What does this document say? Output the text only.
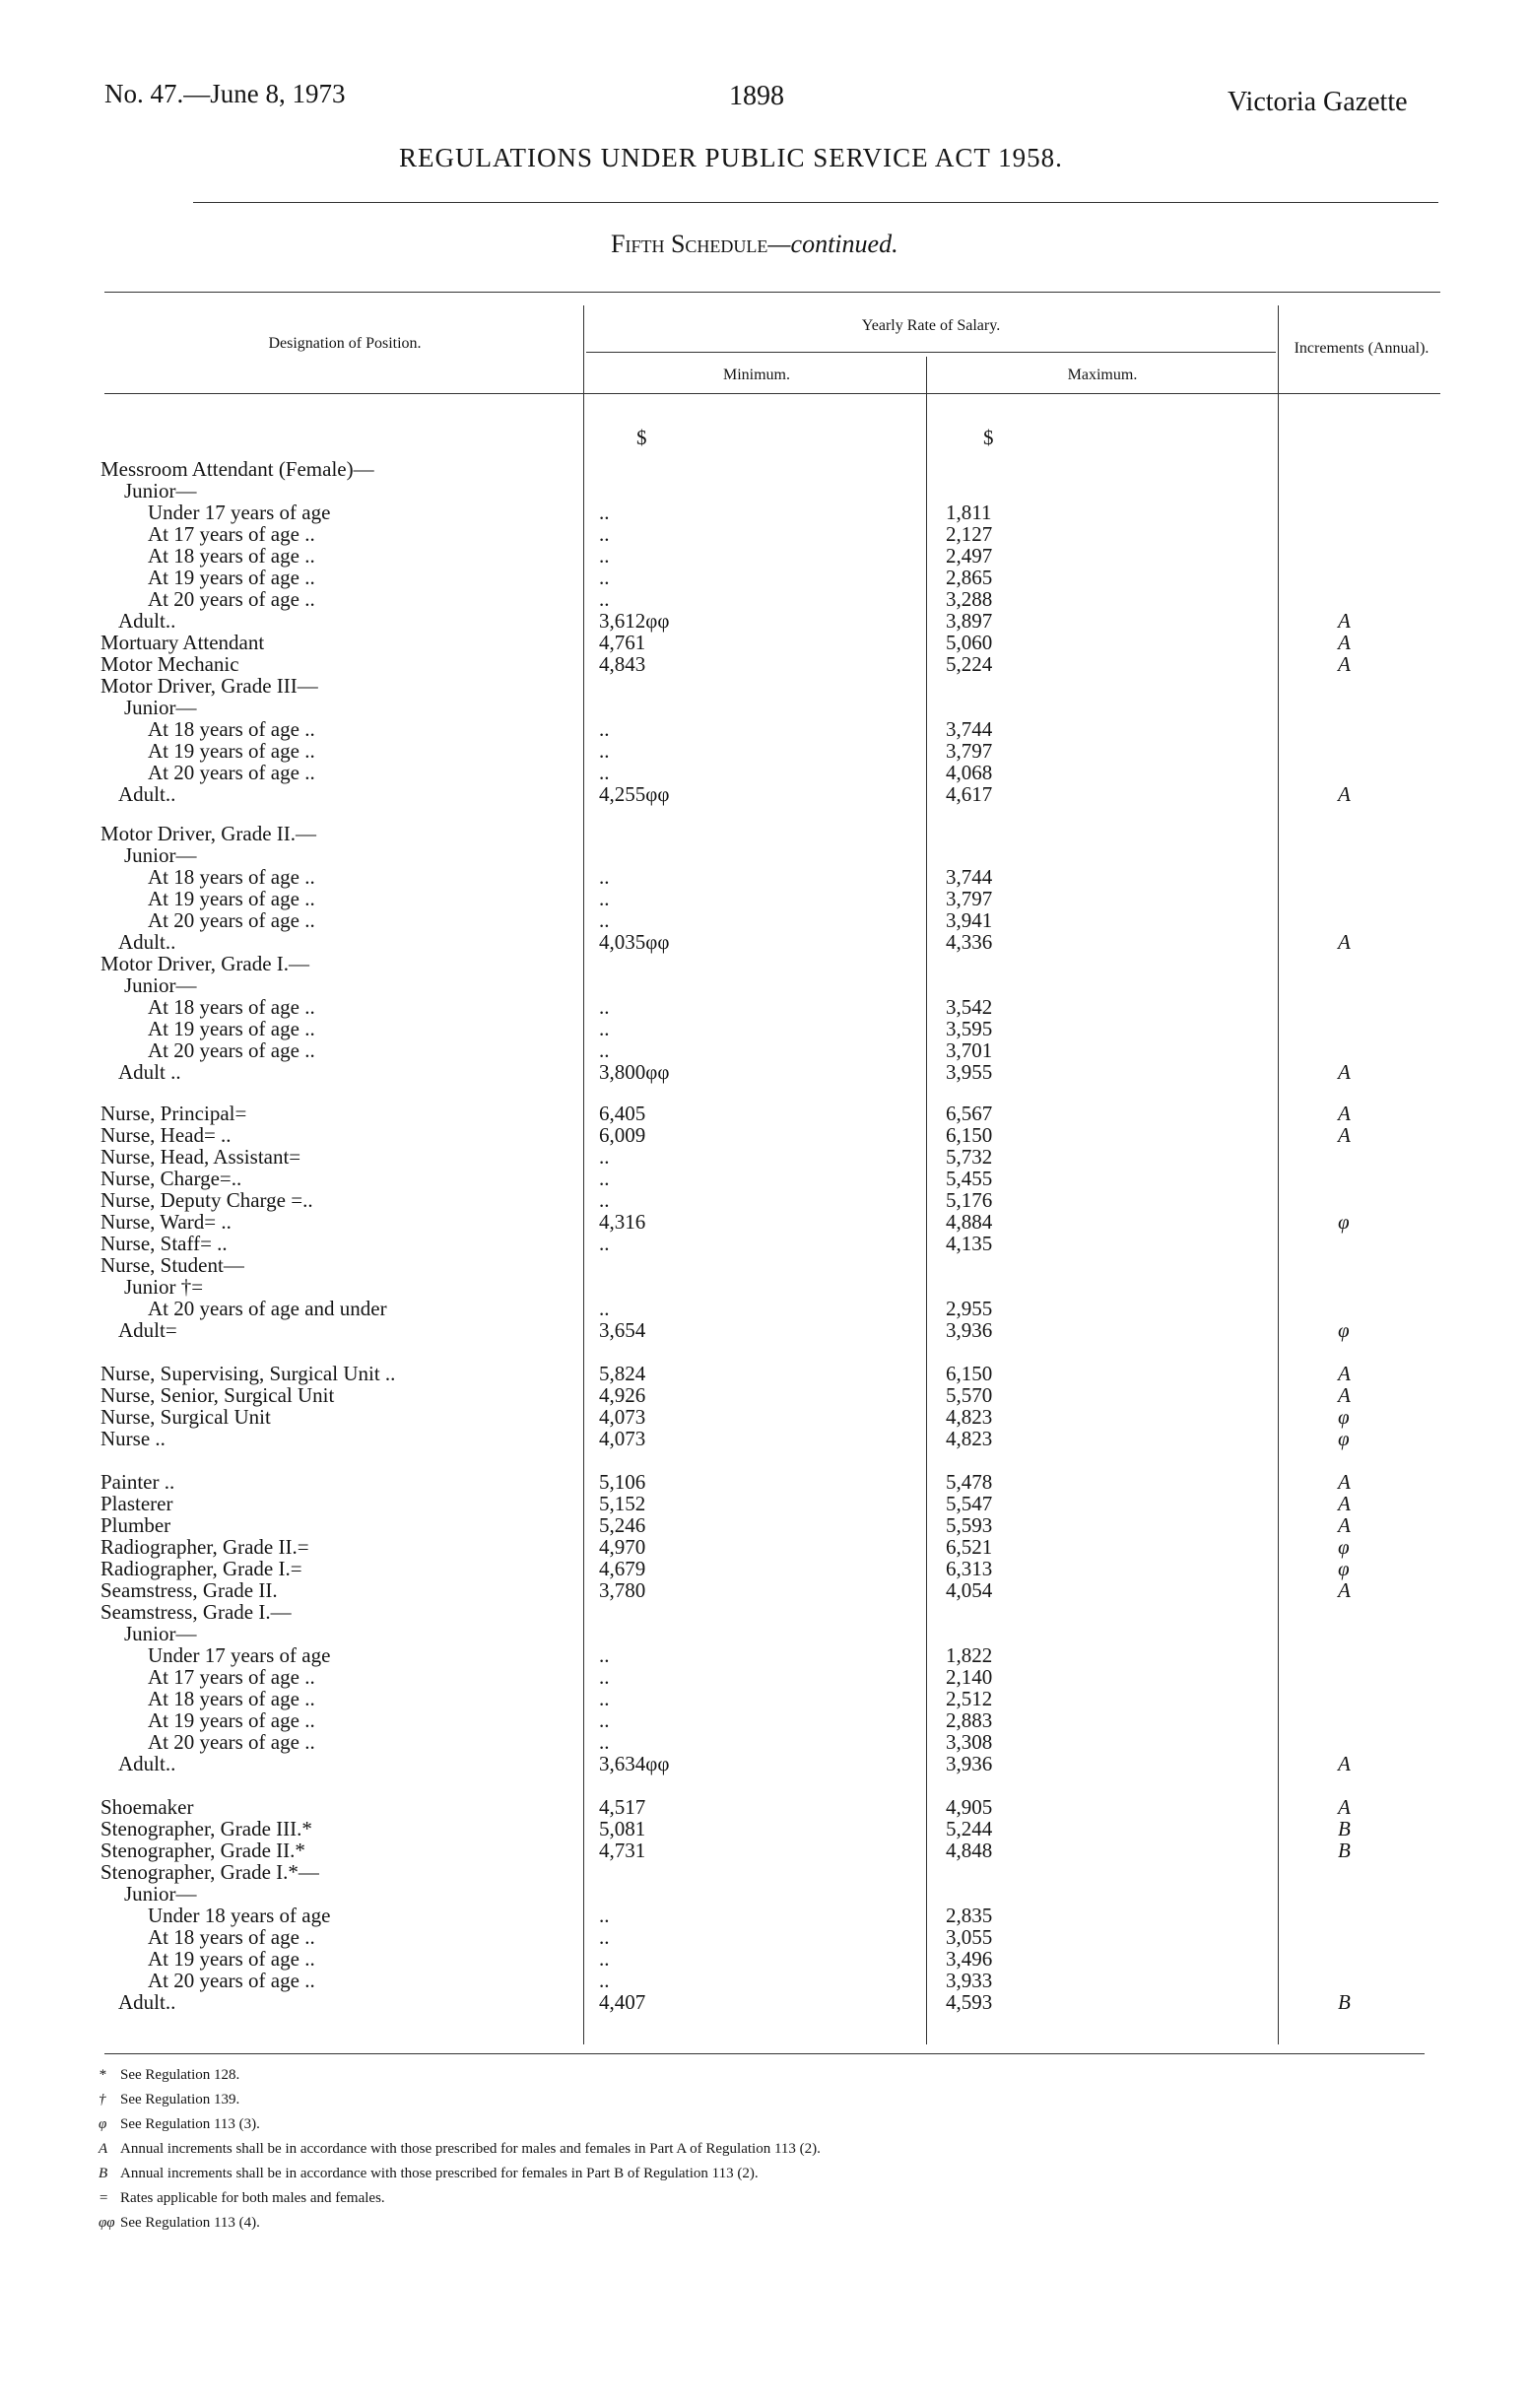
No. 47.—June 8, 1973	1898	Victoria Gazette
REGULATIONS UNDER PUBLIC SERVICE ACT 1958.
Fifth Schedule—continued.
Designation of Position.
Yearly Rate of Salary.
Minimum.	Maximum.
Increments (Annual).
$	$
Messroom Attendant (Female)—
Junior—
Under 17 years of age	..	1,811
At 17 years of age ..	..	2,127
At 18 years of age ..	..	2,497
At 19 years of age ..	..	2,865
At 20 years of age ..	..	3,288
Adult..	3,612φφ	3,897	A
Mortuary Attendant	4,761	5,060	A
Motor Mechanic	4,843	5,224	A
Motor Driver, Grade III—
Junior—
At 18 years of age ..	..	3,744
At 19 years of age ..	..	3,797
At 20 years of age ..	..	4,068
Adult..	4,255φφ	4,617	A
Motor Driver, Grade II.—
Junior—
At 18 years of age ..	..	3,744
At 19 years of age ..	..	3,797
At 20 years of age ..	..	3,941
Adult..	4,035φφ	4,336	A
Motor Driver, Grade I.—
Junior—
At 18 years of age ..	..	3,542
At 19 years of age ..	..	3,595
At 20 years of age ..	..	3,701
Adult ..	3,800φφ	3,955	A
Nurse, Principal=	6,405	6,567	A
Nurse, Head= ..	6,009	6,150	A
Nurse, Head, Assistant=	..	5,732
Nurse, Charge=..	..	5,455
Nurse, Deputy Charge =..	..	5,176
Nurse, Ward= ..	4,316	4,884	φ
Nurse, Staff= ..	..	4,135
Nurse, Student—
Junior †=
At 20 years of age and under	..	2,955
Adult=	3,654	3,936	φ
Nurse, Supervising, Surgical Unit ..	5,824	6,150	A
Nurse, Senior, Surgical Unit	4,926	5,570	A
Nurse, Surgical Unit	4,073	4,823	φ
Nurse ..	4,073	4,823	φ
Painter ..	5,106	5,478	A
Plasterer	5,152	5,547	A
Plumber	5,246	5,593	A
Radiographer, Grade II.=	4,970	6,521	φ
Radiographer, Grade I.=	4,679	6,313	φ
Seamstress, Grade II.	3,780	4,054	A
Seamstress, Grade I.—
Junior—
Under 17 years of age	..	1,822
At 17 years of age ..	..	2,140
At 18 years of age ..	..	2,512
At 19 years of age ..	..	2,883
At 20 years of age ..	..	3,308
Adult..	3,634φφ	3,936	A
Shoemaker	4,517	4,905	A
Stenographer, Grade III.*	5,081	5,244	B
Stenographer, Grade II.*	4,731	4,848	B
Stenographer, Grade I.*—
Junior—
Under 18 years of age	..	2,835
At 18 years of age ..	..	3,055
At 19 years of age ..	..	3,496
At 20 years of age ..	..	3,933
Adult..	4,407	4,593	B
* See Regulation 128.
† See Regulation 139.
φ See Regulation 113 (3).
A Annual increments shall be in accordance with those prescribed for males and females in Part A of Regulation 113 (2).
B Annual increments shall be in accordance with those prescribed for females in Part B of Regulation 113 (2).
= Rates applicable for both males and females.
φφ See Regulation 113 (4).
